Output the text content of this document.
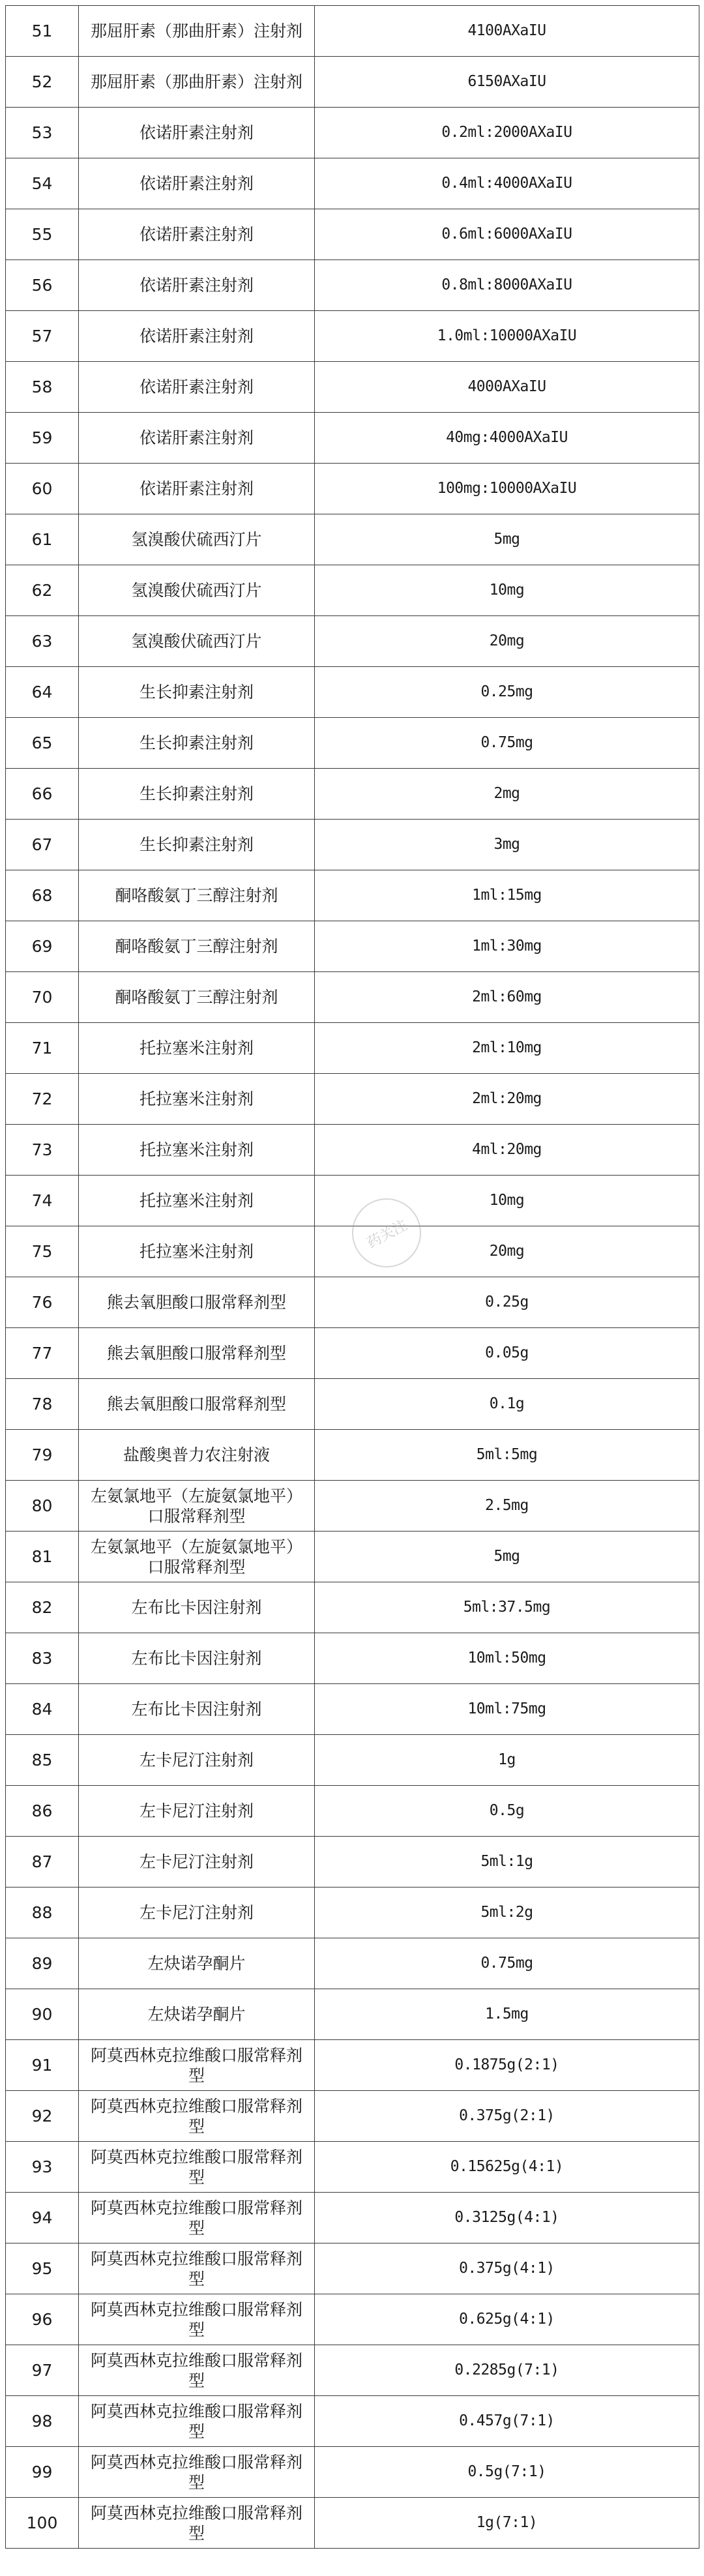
51	那屈肝素（那曲肝素）注射剂	4100AXaIU
52	那屈肝素（那曲肝素）注射剂	6150AXaIU
53	依诺肝素注射剂	0.2ml:2000AXaIU
54	依诺肝素注射剂	0.4ml:4000AXaIU
55	依诺肝素注射剂	0.6ml:6000AXaIU
56	依诺肝素注射剂	0.8ml:8000AXaIU
57	依诺肝素注射剂	1.0ml:10000AXaIU
58	依诺肝素注射剂	4000AXaIU
59	依诺肝素注射剂	40mg:4000AXaIU
60	依诺肝素注射剂	100mg:10000AXaIU
61	氢溴酸伏硫西汀片	5mg
62	氢溴酸伏硫西汀片	10mg
63	氢溴酸伏硫西汀片	20mg
64	生长抑素注射剂	0.25mg
65	生长抑素注射剂	0.75mg
66	生长抑素注射剂	2mg
67	生长抑素注射剂	3mg
68	酮咯酸氨丁三醇注射剂	1ml:15mg
69	酮咯酸氨丁三醇注射剂	1ml:30mg
70	酮咯酸氨丁三醇注射剂	2ml:60mg
71	托拉塞米注射剂	2ml:10mg
72	托拉塞米注射剂	2ml:20mg
73	托拉塞米注射剂	4ml:20mg
74	托拉塞米注射剂	10mg
75	托拉塞米注射剂	20mg
76	熊去氧胆酸口服常释剂型	0.25g
77	熊去氧胆酸口服常释剂型	0.05g
78	熊去氧胆酸口服常释剂型	0.1g
79	盐酸奥普力农注射液	5ml:5mg
80	左氨氯地平（左旋氨氯地平）口服常释剂型	2.5mg
81	左氨氯地平（左旋氨氯地平）口服常释剂型	5mg
82	左布比卡因注射剂	5ml:37.5mg
83	左布比卡因注射剂	10ml:50mg
84	左布比卡因注射剂	10ml:75mg
85	左卡尼汀注射剂	1g
86	左卡尼汀注射剂	0.5g
87	左卡尼汀注射剂	5ml:1g
88	左卡尼汀注射剂	5ml:2g
89	左炔诺孕酮片	0.75mg
90	左炔诺孕酮片	1.5mg
91	阿莫西林克拉维酸口服常释剂型	0.1875g(2:1)
92	阿莫西林克拉维酸口服常释剂型	0.375g(2:1)
93	阿莫西林克拉维酸口服常释剂型	0.15625g(4:1)
94	阿莫西林克拉维酸口服常释剂型	0.3125g(4:1)
95	阿莫西林克拉维酸口服常释剂型	0.375g(4:1)
96	阿莫西林克拉维酸口服常释剂型	0.625g(4:1)
97	阿莫西林克拉维酸口服常释剂型	0.2285g(7:1)
98	阿莫西林克拉维酸口服常释剂型	0.457g(7:1)
99	阿莫西林克拉维酸口服常释剂型	0.5g(7:1)
100	阿莫西林克拉维酸口服常释剂型	1g(7:1)
药关注
